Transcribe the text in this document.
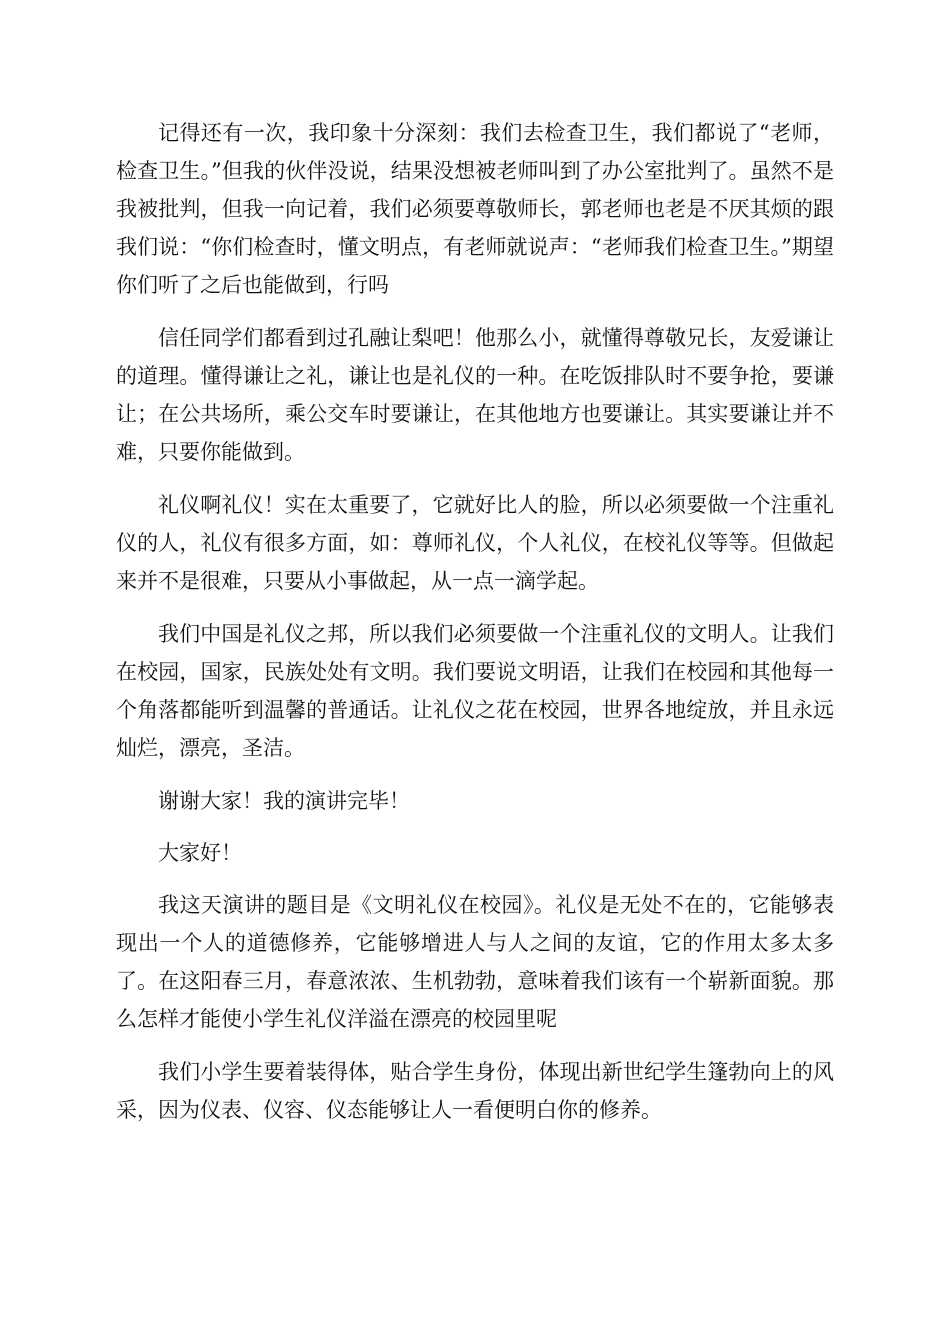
记得还有一次，我印象十分深刻：我们去检查卫生，我们都说了“老师，检查卫生。”但我的伙伴没说，结果没想被老师叫到了办公室批判了。虽然不是我被批判，但我一向记着，我们必须要尊敬师长，郭老师也老是不厌其烦的跟我们说：“你们检查时，懂文明点，有老师就说声：“老师我们检查卫生。”期望你们听了之后也能做到，行吗

信任同学们都看到过孔融让梨吧！他那么小，就懂得尊敬兄长，友爱谦让的道理。懂得谦让之礼，谦让也是礼仪的一种。在吃饭排队时不要争抢，要谦让；在公共场所，乘公交车时要谦让，在其他地方也要谦让。其实要谦让并不难，只要你能做到。

礼仪啊礼仪！实在太重要了，它就好比人的脸，所以必须要做一个注重礼仪的人，礼仪有很多方面，如：尊师礼仪，个人礼仪，在校礼仪等等。但做起来并不是很难，只要从小事做起，从一点一滴学起。

我们中国是礼仪之邦，所以我们必须要做一个注重礼仪的文明人。让我们在校园，国家，民族处处有文明。我们要说文明语，让我们在校园和其他每一个角落都能听到温馨的普通话。让礼仪之花在校园，世界各地绽放，并且永远灿烂，漂亮，圣洁。

谢谢大家！我的演讲完毕！

大家好！

我这天演讲的题目是《文明礼仪在校园》。礼仪是无处不在的，它能够表现出一个人的道德修养，它能够增进人与人之间的友谊，它的作用太多太多了。在这阳春三月，春意浓浓、生机勃勃，意味着我们该有一个崭新面貌。那么怎样才能使小学生礼仪洋溢在漂亮的校园里呢

我们小学生要着装得体，贴合学生身份，体现出新世纪学生篷勃向上的风采，因为仪表、仪容、仪态能够让人一看便明白你的修养。
